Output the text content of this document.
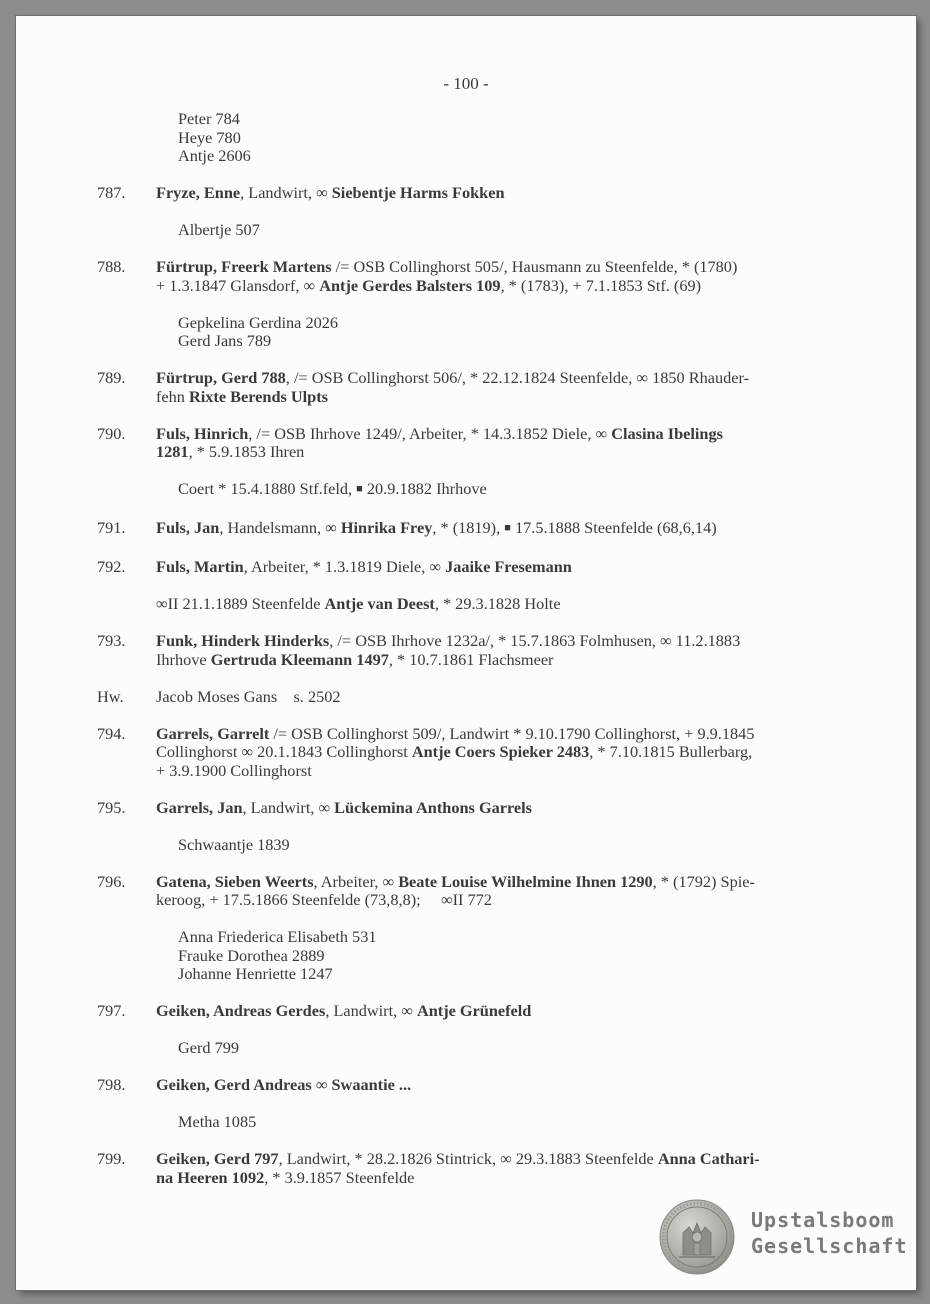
- 100 -
Peter 784
Heye 780
Antje 2606
787.	Fryze, Enne, Landwirt, ∞ Siebentje Harms Fokken
Albertje 507
788.	Fürtrup, Freerk Martens /= OSB Collinghorst 505/, Hausmann zu Steenfelde, * (1780)
+ 1.3.1847 Glansdorf, ∞ Antje Gerdes Balsters 109, * (1783), + 7.1.1853 Stf. (69)
Gepkelina Gerdina 2026
Gerd Jans 789
789.	Fürtrup, Gerd 788, /= OSB Collinghorst 506/, * 22.12.1824 Steenfelde, ∞ 1850 Rhauder-
fehn Rixte Berends Ulpts
790.	Fuls, Hinrich, /= OSB Ihrhove 1249/, Arbeiter, * 14.3.1852 Diele, ∞ Clasina Ibelings
1281, * 5.9.1853 Ihren
Coert * 15.4.1880 Stf.feld, ■ 20.9.1882 Ihrhove
791.	Fuls, Jan, Handelsmann, ∞ Hinrika Frey, * (1819), ■ 17.5.1888 Steenfelde (68,6,14)
792.	Fuls, Martin, Arbeiter, * 1.3.1819 Diele, ∞ Jaaike Fresemann
∞II 21.1.1889 Steenfelde Antje van Deest, * 29.3.1828 Holte
793.	Funk, Hinderk Hinderks, /= OSB Ihrhove 1232a/, * 15.7.1863 Folmhusen, ∞ 11.2.1883
Ihrhove Gertruda Kleemann 1497, * 10.7.1861 Flachsmeer
Hw.	Jacob Moses Gans    s. 2502
794.	Garrels, Garrelt /= OSB Collinghorst 509/, Landwirt * 9.10.1790 Collinghorst, + 9.9.1845
Collinghorst ∞ 20.1.1843 Collinghorst Antje Coers Spieker 2483, * 7.10.1815 Bullerbarg,
+ 3.9.1900 Collinghorst
795.	Garrels, Jan, Landwirt, ∞ Lückemina Anthons Garrels
Schwaantje 1839
796.	Gatena, Sieben Weerts, Arbeiter, ∞ Beate Louise Wilhelmine Ihnen 1290, * (1792) Spie-
keroog, + 17.5.1866 Steenfelde (73,8,8);     ∞II 772
Anna Friederica Elisabeth 531
Frauke Dorothea 2889
Johanne Henriette 1247
797.	Geiken, Andreas Gerdes, Landwirt, ∞ Antje Grünefeld
Gerd 799
798.	Geiken, Gerd Andreas ∞ Swaantie ...
Metha 1085
799.	Geiken, Gerd 797, Landwirt, * 28.2.1826 Stintrick, ∞ 29.3.1883 Steenfelde Anna Cathari-
na Heeren 1092, * 3.9.1857 Steenfelde
Upstalsboom
Gesellschaft
